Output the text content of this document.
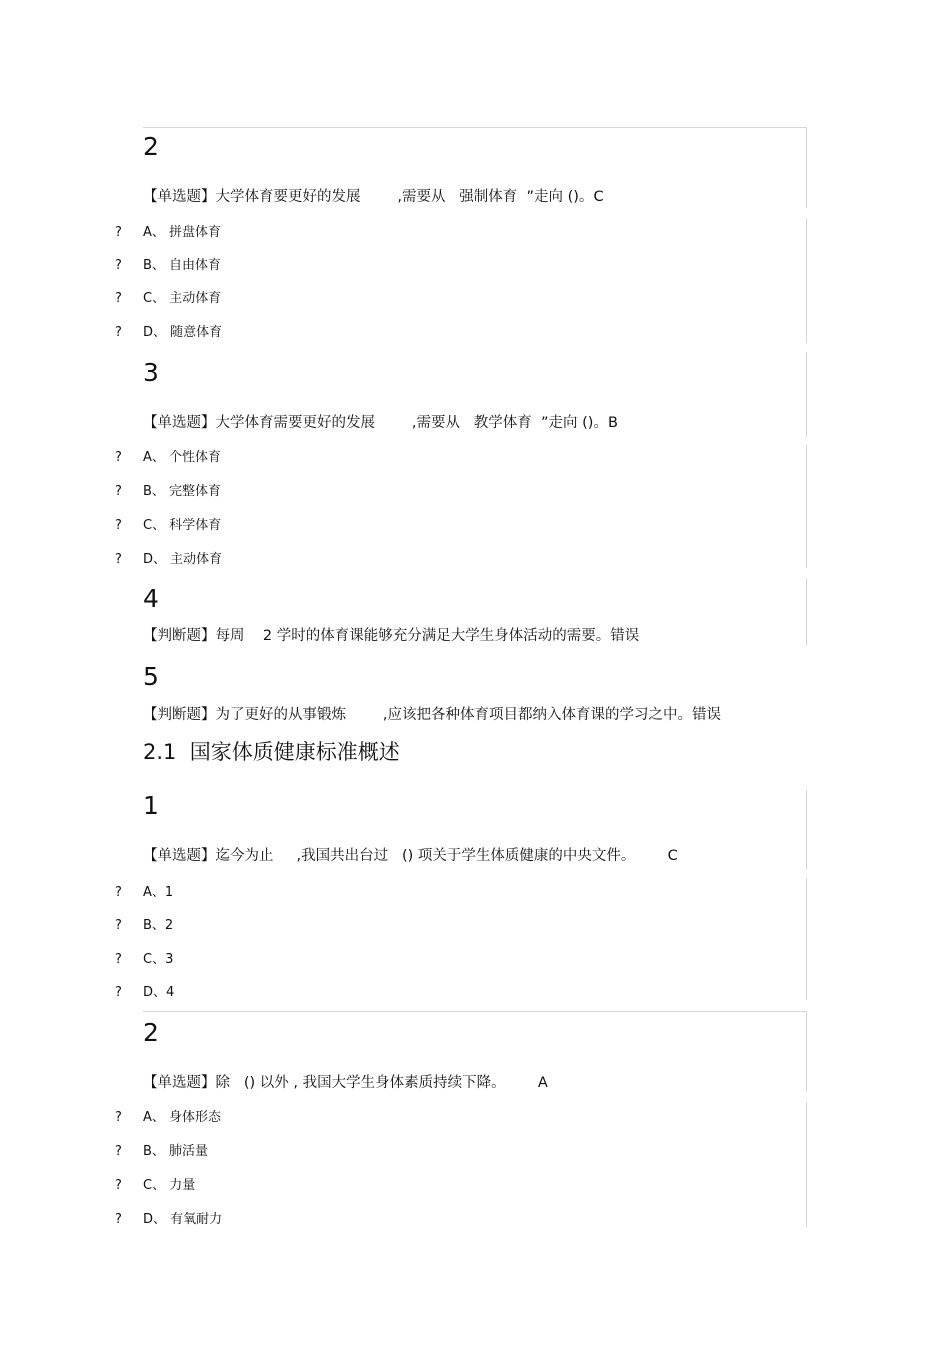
2
【单选题】大学体育要更好的发展        ,需要从   强制体育  ”走向 ()。C
? A、 拼盘体育
? B、 自由体育
? C、 主动体育
? D、 随意体育
3
【单选题】大学体育需要更好的发展        ,需要从   教学体育  ”走向 ()。B
? A、 个性体育
? B、 完整体育
? C、 科学体育
? D、 主动体育
4
【判断题】每周    2 学时的体育课能够充分满足大学生身体活动的需要。错误
5
【判断题】为了更好的从事锻炼        ,应该把各种体育项目都纳入体育课的学习之中。错误
2.1  国家体质健康标准概述
1
【单选题】迄今为止     ,我国共出台过   () 项关于学生体质健康的中央文件。       C
? A、1
? B、2
? C、3
? D、4
2
【单选题】除   () 以外 , 我国大学生身体素质持续下降。       A
? A、 身体形态
? B、 肺活量
? C、 力量
? D、 有氧耐力
